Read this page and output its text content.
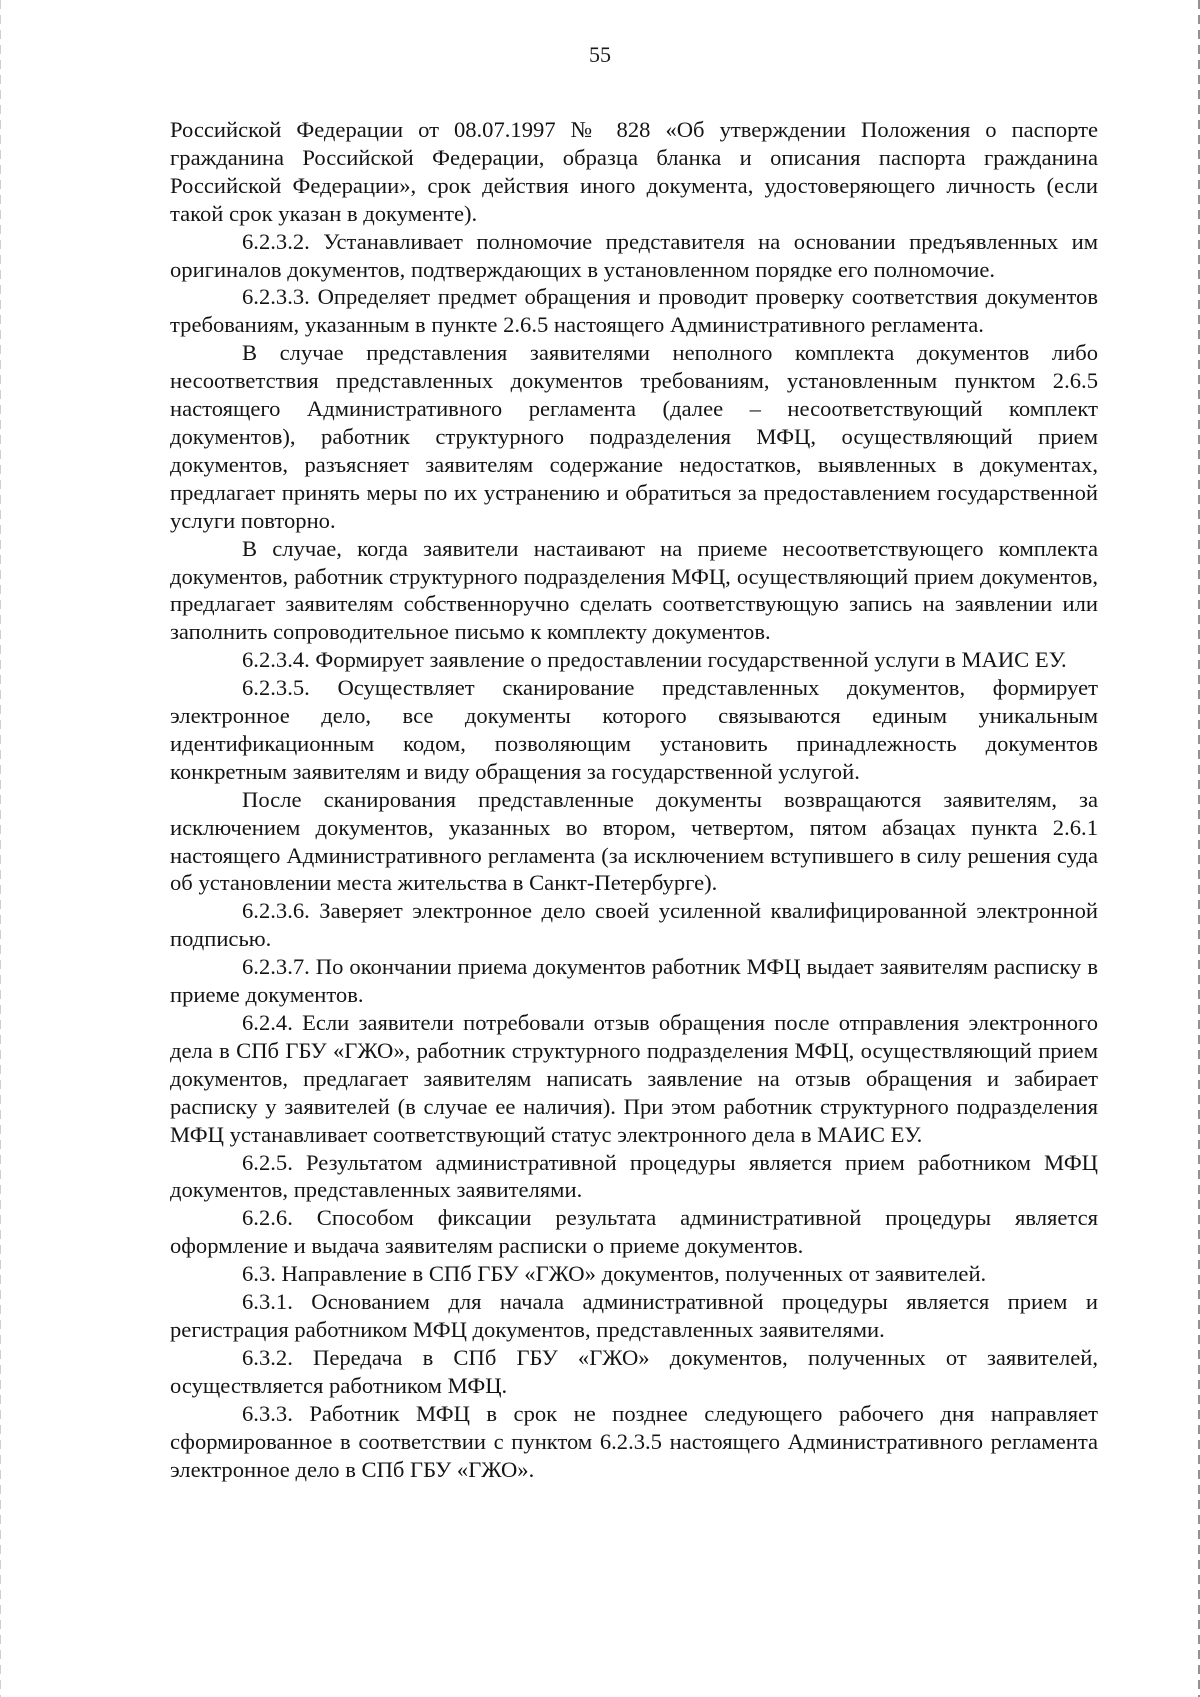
55

Российской Федерации от 08.07.1997 № 828 «Об утверждении Положения о паспорте гражданина Российской Федерации, образца бланка и описания паспорта гражданина Российской Федерации», срок действия иного документа, удостоверяющего личность (если такой срок указан в документе).

6.2.3.2. Устанавливает полномочие представителя на основании предъявленных им оригиналов документов, подтверждающих в установленном порядке его полномочие.

6.2.3.3. Определяет предмет обращения и проводит проверку соответствия документов требованиям, указанным в пункте 2.6.5 настоящего Административного регламента.

В случае представления заявителями неполного комплекта документов либо несоответствия представленных документов требованиям, установленным пунктом 2.6.5 настоящего Административного регламента (далее – несоответствующий комплект документов), работник структурного подразделения МФЦ, осуществляющий прием документов, разъясняет заявителям содержание недостатков, выявленных в документах, предлагает принять меры по их устранению и обратиться за предоставлением государственной услуги повторно.

В случае, когда заявители настаивают на приеме несоответствующего комплекта документов, работник структурного подразделения МФЦ, осуществляющий прием документов, предлагает заявителям собственноручно сделать соответствующую запись на заявлении или заполнить сопроводительное письмо к комплекту документов.

6.2.3.4. Формирует заявление о предоставлении государственной услуги в МАИС ЕУ.

6.2.3.5. Осуществляет сканирование представленных документов, формирует электронное дело, все документы которого связываются единым уникальным идентификационным кодом, позволяющим установить принадлежность документов конкретным заявителям и виду обращения за государственной услугой.

После сканирования представленные документы возвращаются заявителям, за исключением документов, указанных во втором, четвертом, пятом абзацах пункта 2.6.1 настоящего Административного регламента (за исключением вступившего в силу решения суда об установлении места жительства в Санкт-Петербурге).

6.2.3.6. Заверяет электронное дело своей усиленной квалифицированной электронной подписью.

6.2.3.7. По окончании приема документов работник МФЦ выдает заявителям расписку в приеме документов.

6.2.4. Если заявители потребовали отзыв обращения после отправления электронного дела в СПб ГБУ «ГЖО», работник структурного подразделения МФЦ, осуществляющий прием документов, предлагает заявителям написать заявление на отзыв обращения и забирает расписку у заявителей (в случае ее наличия). При этом работник структурного подразделения МФЦ устанавливает соответствующий статус электронного дела в МАИС ЕУ.

6.2.5. Результатом административной процедуры является прием работником МФЦ документов, представленных заявителями.

6.2.6. Способом фиксации результата административной процедуры является оформление и выдача заявителям расписки о приеме документов.

6.3. Направление в СПб ГБУ «ГЖО» документов, полученных от заявителей.

6.3.1. Основанием для начала административной процедуры является прием и регистрация работником МФЦ документов, представленных заявителями.

6.3.2. Передача в СПб ГБУ «ГЖО» документов, полученных от заявителей, осуществляется работником МФЦ.

6.3.3. Работник МФЦ в срок не позднее следующего рабочего дня направляет сформированное в соответствии с пунктом 6.2.3.5 настоящего Административного регламента электронное дело в СПб ГБУ «ГЖО».
